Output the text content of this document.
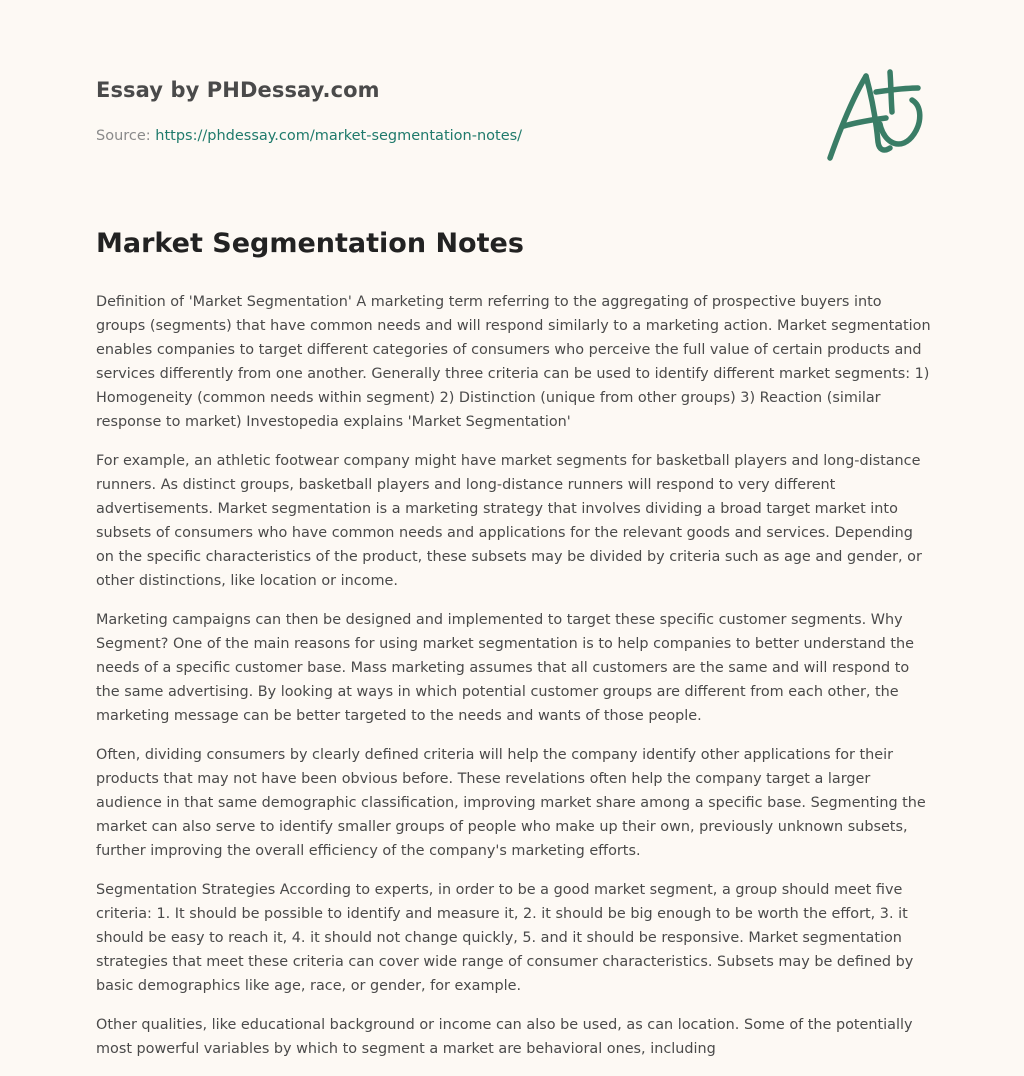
Essay by PHDessay.com
Source: https://phdessay.com/market-segmentation-notes/
Market Segmentation Notes

Definition of 'Market Segmentation' A marketing term referring to the aggregating of prospective buyers into groups (segments) that have common needs and will respond similarly to a marketing action. Market segmentation enables companies to target different categories of consumers who perceive the full value of certain products and services differently from one another. Generally three criteria can be used to identify different market segments: 1) Homogeneity (common needs within segment) 2) Distinction (unique from other groups) 3) Reaction (similar response to market) Investopedia explains 'Market Segmentation'

For example, an athletic footwear company might have market segments for basketball players and long-distance runners. As distinct groups, basketball players and long-distance runners will respond to very different advertisements. Market segmentation is a marketing strategy that involves dividing a broad target market into subsets of consumers who have common needs and applications for the relevant goods and services. Depending on the specific characteristics of the product, these subsets may be divided by criteria such as age and gender, or other distinctions, like location or income.

Marketing campaigns can then be designed and implemented to target these specific customer segments. Why Segment? One of the main reasons for using market segmentation is to help companies to better understand the needs of a specific customer base. Mass marketing assumes that all customers are the same and will respond to the same advertising. By looking at ways in which potential customer groups are different from each other, the marketing message can be better targeted to the needs and wants of those people.

Often, dividing consumers by clearly defined criteria will help the company identify other applications for their products that may not have been obvious before. These revelations often help the company target a larger audience in that same demographic classification, improving market share among a specific base. Segmenting the market can also serve to identify smaller groups of people who make up their own, previously unknown subsets, further improving the overall efficiency of the company's marketing efforts.

Segmentation Strategies According to experts, in order to be a good market segment, a group should meet five criteria: 1. It should be possible to identify and measure it, 2. it should be big enough to be worth the effort, 3. it should be easy to reach it, 4. it should not change quickly, 5. and it should be responsive. Market segmentation strategies that meet these criteria can cover wide range of consumer characteristics. Subsets may be defined by basic demographics like age, race, or gender, for example.

Other qualities, like educational background or income can also be used, as can location. Some of the potentially most powerful variables by which to segment a market are behavioral ones, including
